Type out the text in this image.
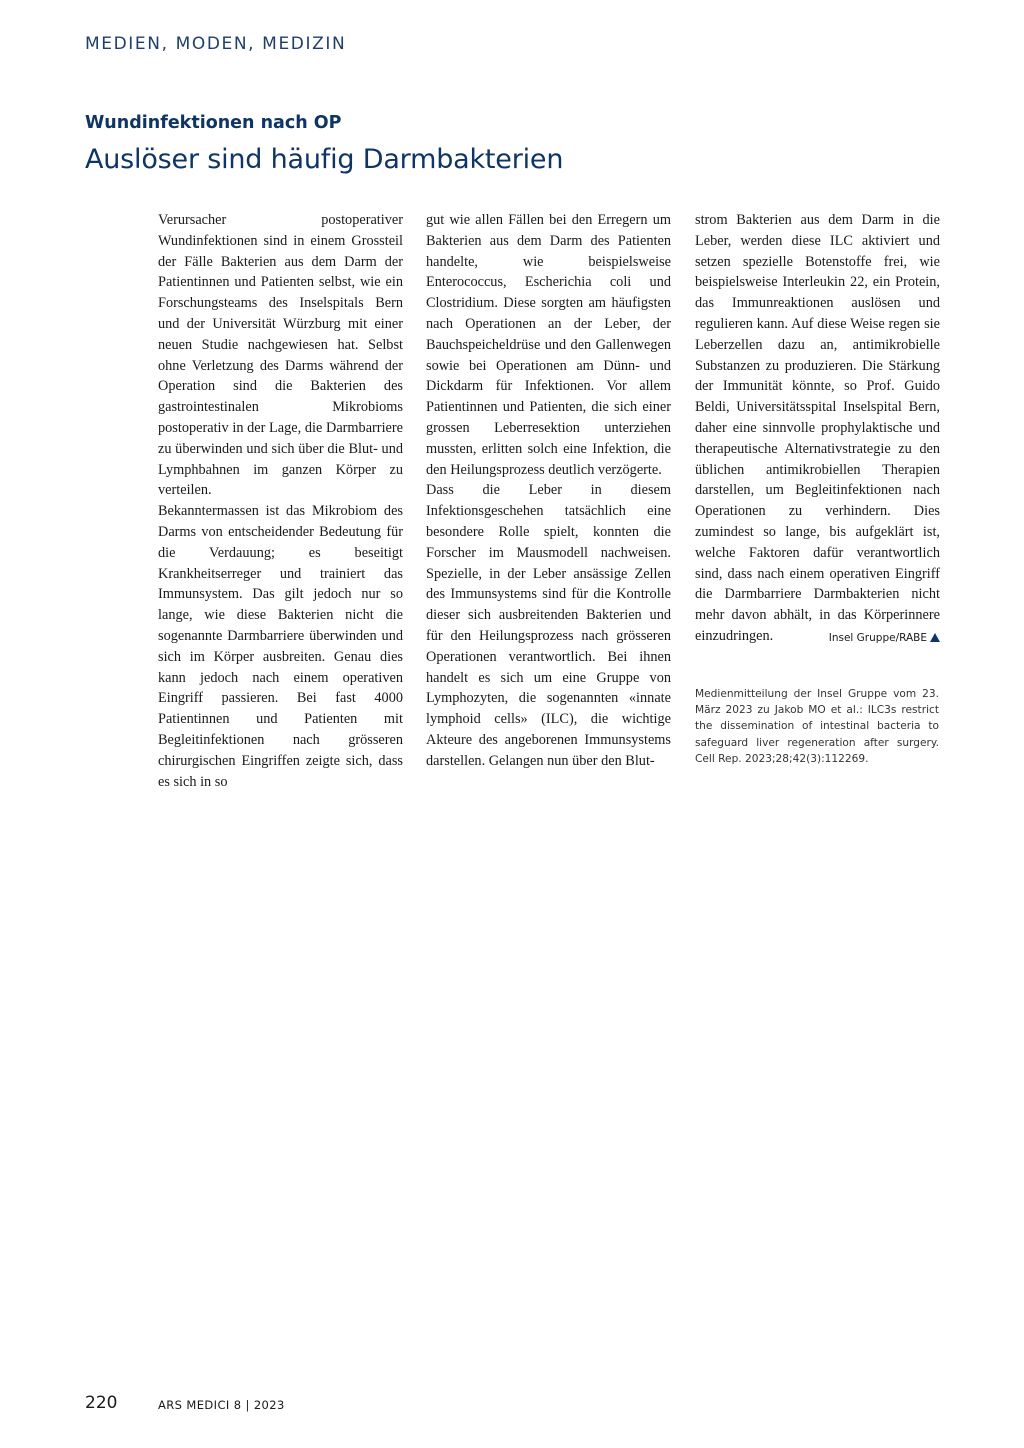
MEDIEN, MODEN, MEDIZIN
Wundinfektionen nach OP
Auslöser sind häufig Darmbakterien

Verursacher postoperativer Wundinfektionen sind in einem Grossteil der Fälle Bakterien aus dem Darm der Patientinnen und Patienten selbst, wie ein Forschungsteams des Inselspitals Bern und der Universität Würzburg mit einer neuen Studie nachgewiesen hat. Selbst ohne Verletzung des Darms während der Operation sind die Bakterien des gastrointestinalen Mikrobioms postoperativ in der Lage, die Darmbarriere zu überwinden und sich über die Blut- und Lymphbahnen im ganzen Körper zu verteilen.

Bekanntermassen ist das Mikrobiom des Darms von entscheidender Bedeutung für die Verdauung; es beseitigt Krankheitserreger und trainiert das Immunsystem. Das gilt jedoch nur so lange, wie diese Bakterien nicht die sogenannte Darmbarriere überwinden und sich im Körper ausbreiten. Genau dies kann jedoch nach einem operativen Eingriff passieren. Bei fast 4000 Patientinnen und Patienten mit Begleitinfektionen nach grösseren chirurgischen Eingriffen zeigte sich, dass es sich in so

gut wie allen Fällen bei den Erregern um Bakterien aus dem Darm des Patienten handelte, wie beispielsweise Enterococcus, Escherichia coli und Clostridium. Diese sorgten am häufigsten nach Operationen an der Leber, der Bauchspeicheldrüse und den Gallenwegen sowie bei Operationen am Dünn- und Dickdarm für Infektionen. Vor allem Patientinnen und Patienten, die sich einer grossen Leberresektion unterziehen mussten, erlitten solch eine Infektion, die den Heilungsprozess deutlich verzögerte.

Dass die Leber in diesem Infektionsgeschehen tatsächlich eine besondere Rolle spielt, konnten die Forscher im Mausmodell nachweisen. Spezielle, in der Leber ansässige Zellen des Immunsystems sind für die Kontrolle dieser sich ausbreitenden Bakterien und für den Heilungsprozess nach grösseren Operationen verantwortlich. Bei ihnen handelt es sich um eine Gruppe von Lymphozyten, die sogenannten «innate lymphoid cells» (ILC), die wichtige Akteure des angeborenen Immunsystems darstellen. Gelangen nun über den Blut-

strom Bakterien aus dem Darm in die Leber, werden diese ILC aktiviert und setzen spezielle Botenstoffe frei, wie beispielsweise Interleukin 22, ein Protein, das Immunreaktionen auslösen und regulieren kann. Auf diese Weise regen sie Leberzellen dazu an, antimikrobielle Substanzen zu produzieren. Die Stärkung der Immunität könnte, so Prof. Guido Beldi, Universitätsspital Inselspital Bern, daher eine sinnvolle prophylaktische und therapeutische Alternativstrategie zu den üblichen antimikrobiellen Therapien darstellen, um Begleitinfektionen nach Operationen zu verhindern. Dies zumindest so lange, bis aufgeklärt ist, welche Faktoren dafür verantwortlich sind, dass nach einem operativen Eingriff die Darmbarriere Darmbakterien nicht mehr davon abhält, in das Körperinnere einzudringen.	Insel Gruppe/RABE

Medienmitteilung der Insel Gruppe vom 23. März 2023 zu Jakob MO et al.: ILC3s restrict the dissemination of intestinal bacteria to safeguard liver regeneration after surgery. Cell Rep. 2023;28;42(3):112269.
220	ARS MEDICI 8 | 2023
